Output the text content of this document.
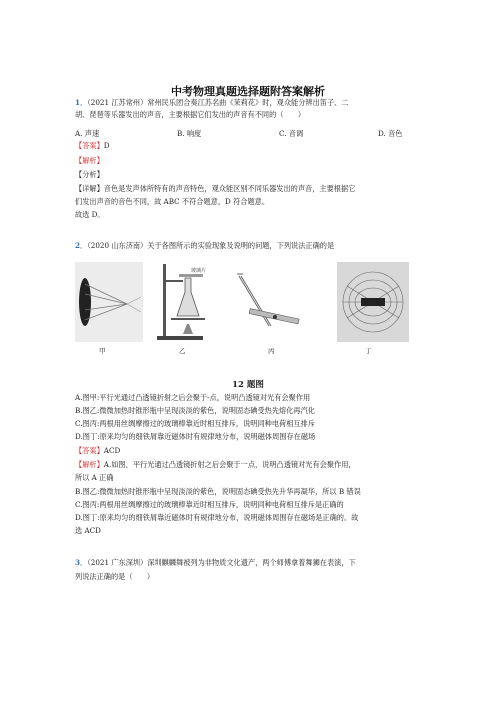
中考物理真题选择题附答案解析
1．（2021 江苏常州）常州民乐团合奏江苏名曲《茉莉花》时，观众能分辨出笛子、二
胡、琵琶等乐器发出的声音，主要根据它们发出的声音有不同的（　　）
A. 声速	B. 响度	C. 音调	D. 音色
【答案】D
【解析】
【分析】
【详解】音色是发声体所特有的声音特色，观众能区别不同乐器发出的声音，主要根据它
们发出声音的音色不同，故 ABC 不符合题意，D 符合题意。
故选 D。
2．（2020 山东济南）关于各图所示的实验现象及说明的问题，下列说法正确的是
玻璃片
甲	乙	丙	丁
12 题图
A.图甲:平行光通过凸透镜折射之后会聚于-点，说明凸透镜对光有会聚作用
B.图乙:微微加热时锥形瓶中呈现淡淡的紫色，说明固态碘受热先熔化再汽化
C.图丙:两根用丝绸摩擦过的玻璃棒靠近时相互排斥，说明同种电荷相互排斥
D.图丁:原来均匀的细铁屑靠近磁体时有规律地分布，说明磁体周围存在磁场
【答案】ACD
【解析】A.如图，平行光通过凸透镜折射之后会聚于一点，说明凸透镜对光有会聚作用，
所以 A 正确
B.图乙:微微加热时锥形瓶中呈现淡淡的紫色，说明固态碘受热先升华再凝华，所以 B 错误
C.图丙:两根用丝绸摩擦过的玻璃棒靠近时相互排斥，说明同种电荷相互排斥是正确的
D.图丁:原来均匀的细铁屑靠近磁体时有规律地分布，说明磁体周围存在磁场是正确的。故
选 ACD
3．（2021 广东深圳）深圳麒麟舞被列为非物质文化遗产，两个师傅拿着舞狮在表演，下
列说法正确的是（　　）
